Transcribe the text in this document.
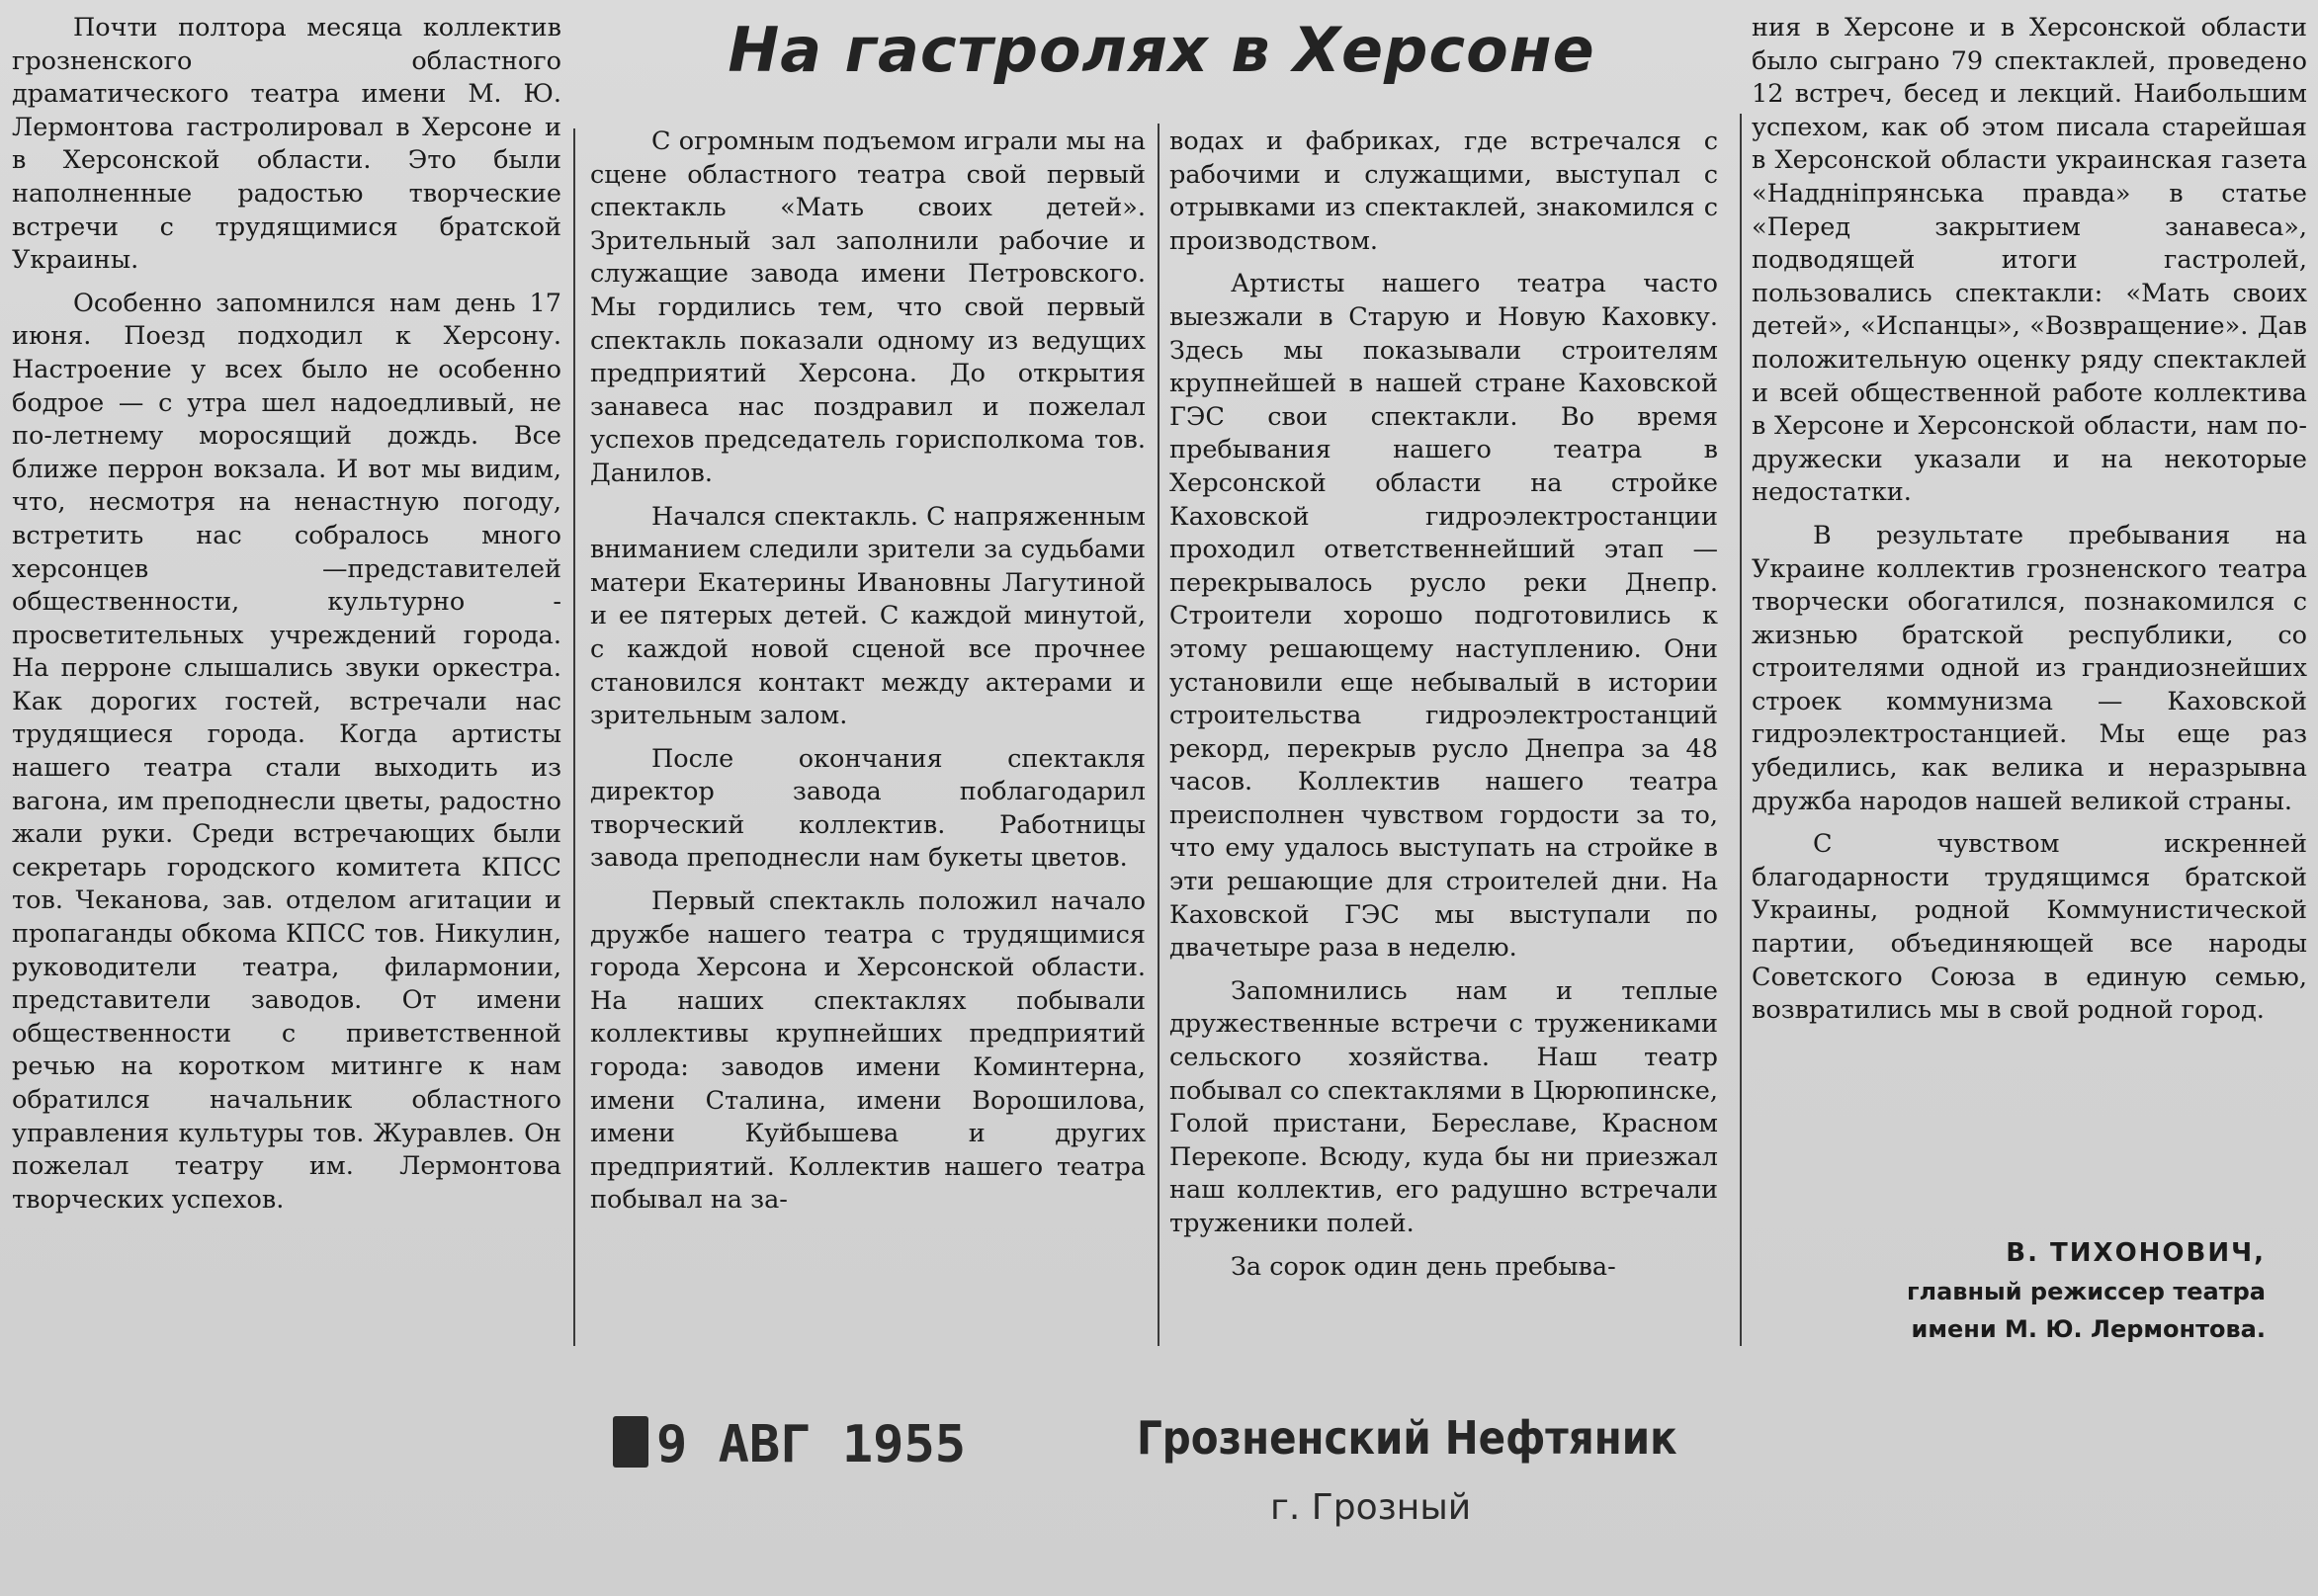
На гастролях в Херсоне

Почти полтора месяца коллектив грозненского областного драматического театра имени М. Ю. Лермонтова гастролировал в Херсоне и в Херсонской области. Это были наполненные радостью творческие встречи с трудящимися братской Украины.

Особенно запомнился нам день 17 июня. Поезд подходил к Херсону. Настроение у всех было не особенно бодрое — с утра шел надоедливый, не по-летнему моросящий дождь. Все ближе перрон вокзала. И вот мы видим, что, несмотря на ненастную погоду, встретить нас собралось много херсонцев —представителей общественности, культурно - просветительных учреждений города. На перроне слышались звуки оркестра. Как дорогих гостей, встречали нас трудящиеся города. Когда артисты нашего театра стали выходить из вагона, им преподнесли цветы, радостно жали руки. Среди встречающих были секретарь городского комитета КПСС тов. Чеканова, зав. отделом агитации и пропаганды обкома КПСС тов. Никулин, руководители театра, филармонии, представители заводов. От имени общественности с приветственной речью на коротком митинге к нам обратился начальник областного управления культуры тов. Журавлев. Он пожелал театру им. Лермонтова творческих успехов.

С огромным подъемом играли мы на сцене областного театра свой первый спектакль «Мать своих детей». Зрительный зал заполнили рабочие и служащие завода имени Петровского. Мы гордились тем, что свой первый спектакль показали одному из ведущих предприятий Херсона. До открытия занавеса нас поздравил и пожелал успехов председатель горисполкома тов. Данилов.

Начался спектакль. С напряженным вниманием следили зрители за судьбами матери Екатерины Ивановны Лагутиной и ее пятерых детей. С каждой минутой, с каждой новой сценой все прочнее становился контакт между актерами и зрительным залом.

После окончания спектакля директор завода поблагодарил творческий коллектив. Работницы завода преподнесли нам букеты цветов.

Первый спектакль положил начало дружбе нашего театра с трудящимися города Херсона и Херсонской области. На наших спектаклях побывали коллективы крупнейших предприятий города: заводов имени Коминтерна, имени Сталина, имени Ворошилова, имени Куйбышева и других предприятий. Коллектив нашего театра побывал на за-

водах и фабриках, где встречался с рабочими и служащими, выступал с отрывками из спектаклей, знакомился с производством.

Артисты нашего театра часто выезжали в Старую и Новую Каховку. Здесь мы показывали строителям крупнейшей в нашей стране Каховской ГЭС свои спектакли. Во время пребывания нашего театра в Херсонской области на стройке Каховской гидроэлектростанции проходил ответственнейший этап — перекрывалось русло реки Днепр. Строители хорошо подготовились к этому решающему наступлению. Они установили еще небывалый в истории строительства гидроэлектростанций рекорд, перекрыв русло Днепра за 48 часов. Коллектив нашего театра преисполнен чувством гордости за то, что ему удалось выступать на стройке в эти решающие для строителей дни. На Каховской ГЭС мы выступали по двачетыре раза в неделю.

Запомнились нам и теплые дружественные встречи с тружениками сельского хозяйства. Наш театр побывал со спектаклями в Цюрюпинске, Голой пристани, Береславе, Красном Перекопе. Всюду, куда бы ни приезжал наш коллектив, его радушно встречали труженики полей.

За сорок один день пребыва-

ния в Херсоне и в Херсонской области было сыграно 79 спектаклей, проведено 12 встреч, бесед и лекций. Наибольшим успехом, как об этом писала старейшая в Херсонской области украинская газета «Наддніпрянська правда» в статье «Перед закрытием занавеса», подводящей итоги гастролей, пользовались спектакли: «Мать своих детей», «Испанцы», «Возвращение». Дав положительную оценку ряду спектаклей и всей общественной работе коллектива в Херсоне и Херсонской области, нам по-дружески указали и на некоторые недостатки.

В результате пребывания на Украине коллектив грозненского театра творчески обогатился, познакомился с жизнью братской республики, со строителями одной из грандиознейших строек коммунизма — Каховской гидроэлектростанцией. Мы еще раз убедились, как велика и неразрывна дружба народов нашей великой страны.

С чувством искренней благодарности трудящимся братской Украины, родной Коммунистической партии, объединяющей все народы Советского Союза в единую семью, возвратились мы в свой родной город.

В. ТИХОНОВИЧ,
главный режиссер театра
имени М. Ю. Лермонтова.
9 АВГ 1955	Грозненский Нефтяник
г. Грозный
